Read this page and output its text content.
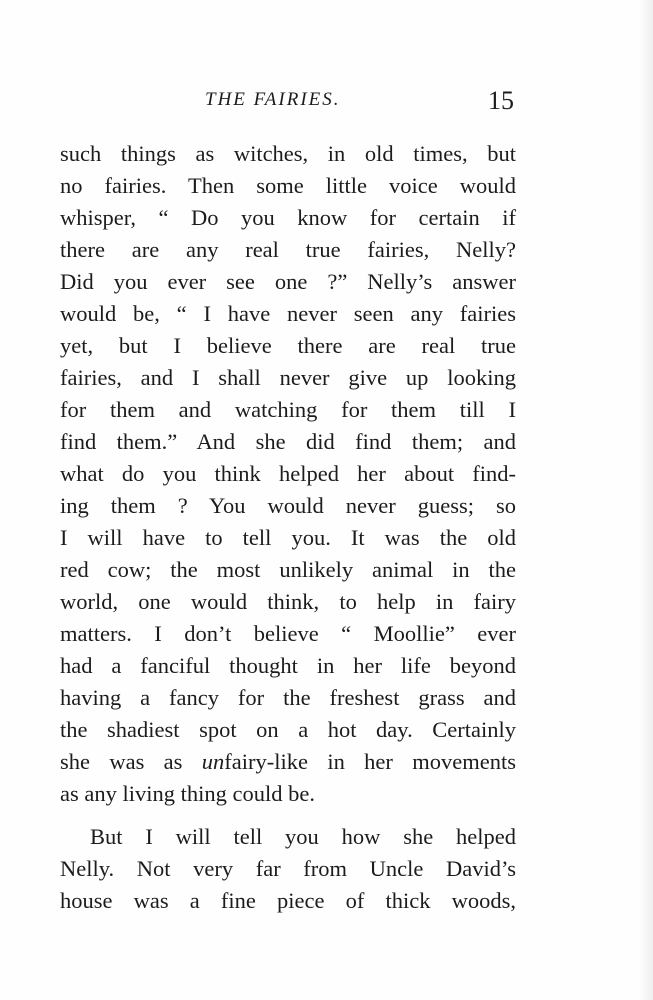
THE FAIRIES.	15
such things as witches, in old times, but
no fairies. Then some little voice would
whisper, “ Do you know for certain if
there are any real true fairies, Nelly?
Did you ever see one ?” Nelly’s answer
would be, “ I have never seen any fairies
yet, but I believe there are real true
fairies, and I shall never give up looking
for them and watching for them till I
find them.” And she did find them; and
what do you think helped her about find-
ing them ? You would never guess; so
I will have to tell you. It was the old
red cow; the most unlikely animal in the
world, one would think, to help in fairy
matters. I don’t believe “ Moollie” ever
had a fanciful thought in her life beyond
having a fancy for the freshest grass and
the shadiest spot on a hot day. Certainly
she was as unfairy-like in her movements
as any living thing could be.
But I will tell you how she helped
Nelly. Not very far from Uncle David’s
house was a fine piece of thick woods,
